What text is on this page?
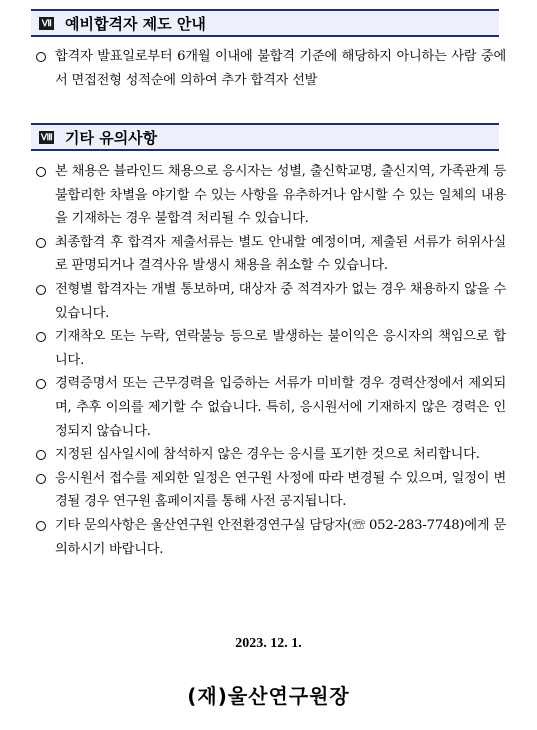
Ⅶ 예비합격자 제도 안내
합격자 발표일로부터 6개월 이내에 불합격 기준에 해당하지 아니하는 사람 중에서 면접전형 성적순에 의하여 추가 합격자 선발
Ⅷ 기타 유의사항
본 채용은 블라인드 채용으로 응시자는 성별, 출신학교명, 출신지역, 가족관계 등 불합리한 차별을 야기할 수 있는 사항을 유추하거나 암시할 수 있는 일체의 내용을 기재하는 경우 불합격 처리될 수 있습니다.
최종합격 후 합격자 제출서류는 별도 안내할 예정이며, 제출된 서류가 허위사실로 판명되거나 결격사유 발생시 채용을 취소할 수 있습니다.
전형별 합격자는 개별 통보하며, 대상자 중 적격자가 없는 경우 채용하지 않을 수 있습니다.
기재착오 또는 누락, 연락불능 등으로 발생하는 불이익은 응시자의 책임으로 합니다.
경력증명서 또는 근무경력을 입증하는 서류가 미비할 경우 경력산정에서 제외되며, 추후 이의를 제기할 수 없습니다. 특히, 응시원서에 기재하지 않은 경력은 인정되지 않습니다.
지정된 심사일시에 참석하지 않은 경우는 응시를 포기한 것으로 처리합니다.
응시원서 접수를 제외한 일정은 연구원 사정에 따라 변경될 수 있으며, 일정이 변경될 경우 연구원 홈페이지를 통해 사전 공지됩니다.
기타 문의사항은 울산연구원 안전환경연구실 담당자(☏ 052-283-7748)에게 문의하시기 바랍니다.
2023. 12. 1.
(재)울산연구원장
